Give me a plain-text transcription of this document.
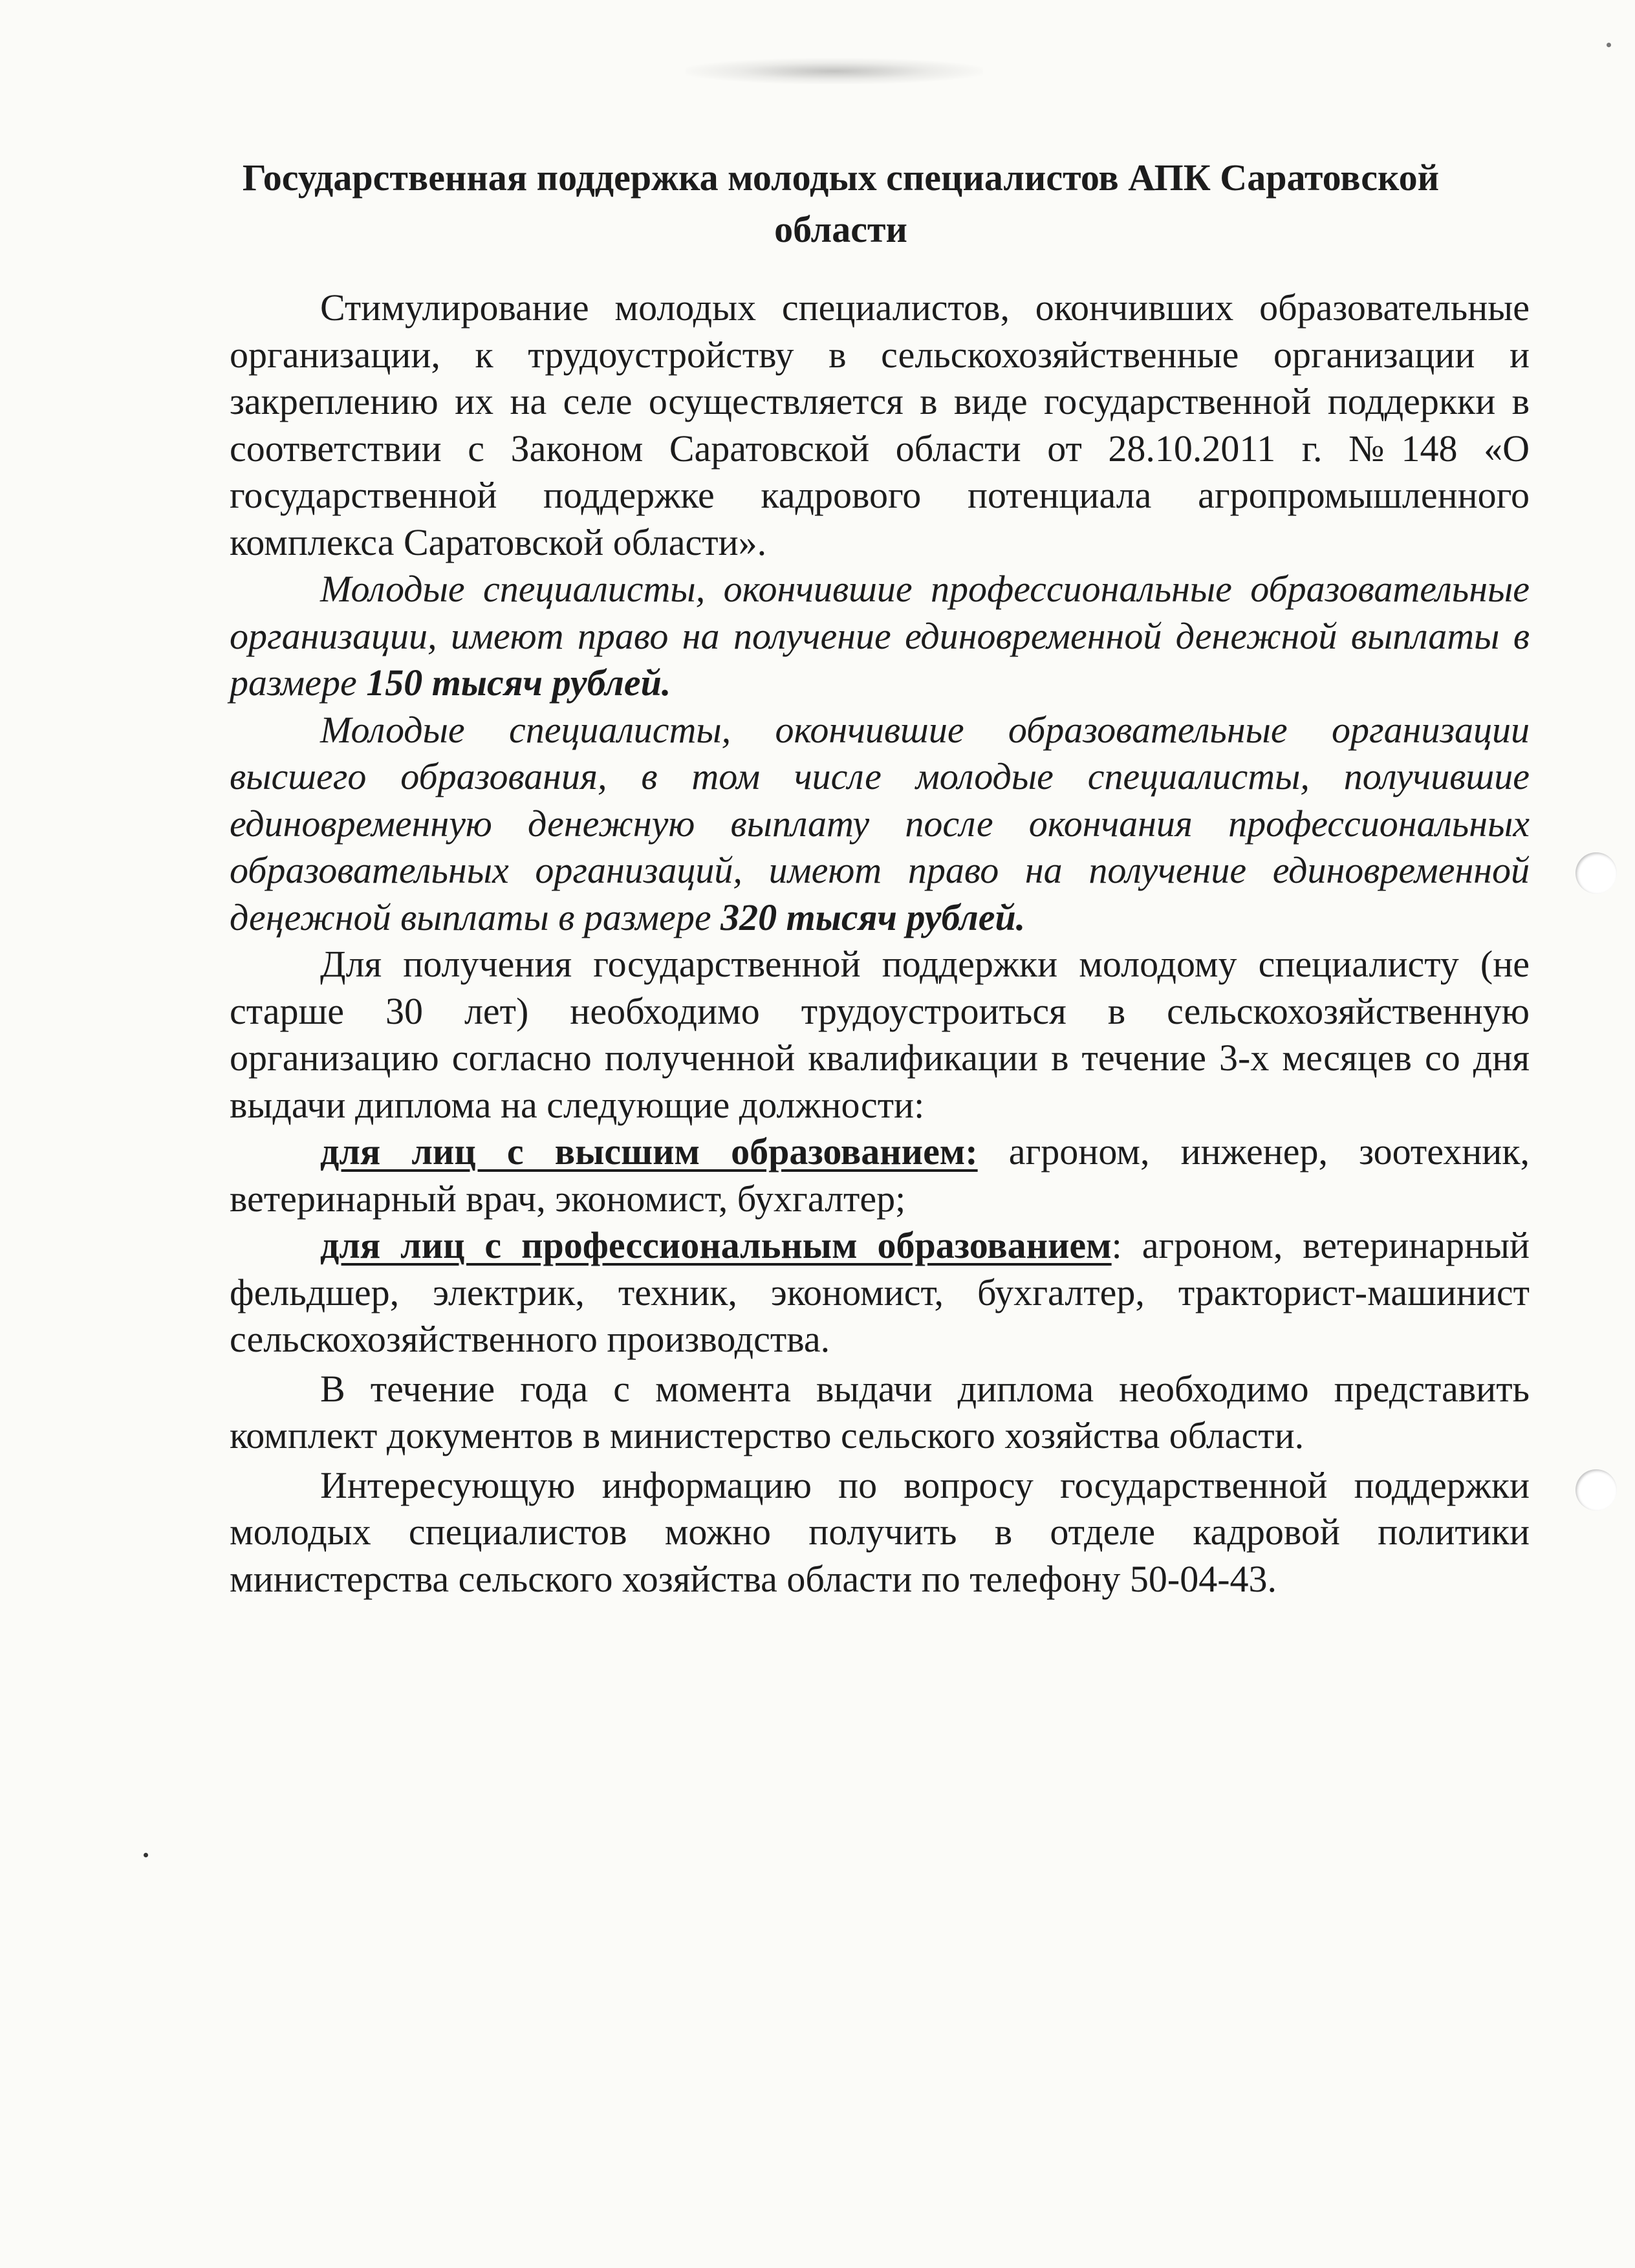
Государственная поддержка молодых специалистов АПК Саратовской области

Стимулирование молодых специалистов, окончивших образовательные организации, к трудоустройству в сельскохозяйственные организации и закреплению их на селе осуществляется в виде государственной поддеркки в соответствии с Законом Саратовской области от 28.10.2011 г. №148 «О государственной поддержке кадрового потенциала агропромышленного комплекса Саратовской области».

Молодые специалисты, окончившие профессиональные образовательные организации, имеют право на получение единовременной денежной выплаты в размере 150 тысяч рублей.

Молодые специалисты, окончившие образовательные организации высшего образования, в том числе молодые специалисты, получившие единовременную денежную выплату после окончания профессиональных образовательных организаций, имеют право на получение единовременной деңежной выплаты в размере 320 тысяч рублей.

Для получения государственной поддержки молодому специалисту (не старше 30 лет) необходимо трудоустроиться в сельскохозяйственную организацию согласно полученной квалификации в течение 3-х месяцев со дня выдачи диплома на следующие должности:

для лиц с высшим образованием: агроном, инженер, зоотехник, ветеринарный врач, экономист, бухгалтер;

для лиц с профессиональным образованием: агроном, ветеринарный фельдшер, электрик, техник, экономист, бухгалтер, тракторист-машинист сельскохозяйственного производства.

В течение года с момента выдачи диплома необходимо представить комплект документов в министерство сельского хозяйства области.

Интересующую информацию по вопросу государственной поддержки молодых специалистов можно получить в отделе кадровой политики министерства сельского хозяйства области по телефону 50-04-43.
